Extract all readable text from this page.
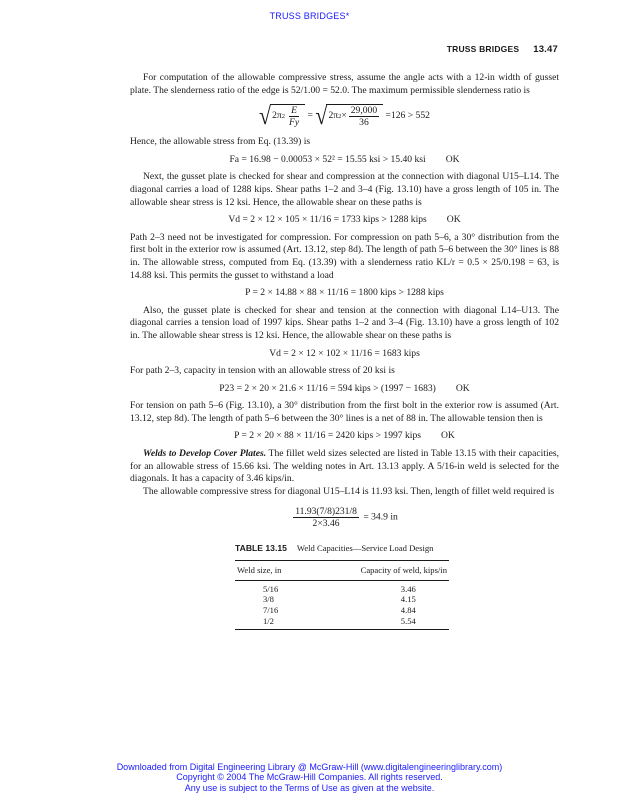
TRUSS BRIDGES*
TRUSS BRIDGES 13.47

For computation of the allowable compressive stress, assume the angle acts with a 12-in width of gusset plate. The slenderness ratio of the edge is 52/1.00 = 52.0. The maximum permissible slenderness ratio is

√ 2π $2 \frac{E}{Fy}$ = √ 2π $2 \times \frac{29,000}{36} =126 > 552$

Hence, the allowable stress from Eq. (13.39) is

Fa = 16.98 − 0.00053 × 52² = 15.55 ksi > 15.40 ksi OK

Next, the gusset plate is checked for shear and compression at the connection with diagonal U15–L14. The diagonal carries a load of 1288 kips. Shear paths 1–2 and 3–4 (Fig. 13.10) have a gross length of 105 in. The allowable shear stress is 12 ksi. Hence, the allowable shear on these paths is

Vd = 2 × 12 × 105 × 11/16 = 1733 kips > 1288 kips OK

Path 2–3 need not be investigated for compression. For compression on path 5–6, a 30° distribution from the first bolt in the exterior row is assumed (Art. 13.12, step 8d). The length of path 5–6 between the 30° lines is 88 in. The allowable stress, computed from Eq. (13.39) with a slenderness ratio KL/r = 0.5 × 25/0.198 = 63, is 14.88 ksi. This permits the gusset to withstand a load

P = 2 × 14.88 × 88 × 11/16 = 1800 kips > 1288 kips

Also, the gusset plate is checked for shear and tension at the connection with diagonal L14–U13. The diagonal carries a tension load of 1997 kips. Shear paths 1–2 and 3–4 (Fig. 13.10) have a gross length of 102 in. The allowable shear stress is 12 ksi. Hence, the allowable shear on these paths is

Vd = 2 × 12 × 102 × 11/16 = 1683 kips

For path 2–3, capacity in tension with an allowable stress of 20 ksi is

P23 = 2 × 20 × 21.6 × 11/16 = 594 kips > (1997 − 1683) OK

For tension on path 5–6 (Fig. 13.10), a 30° distribution from the first bolt in the exterior row is assumed (Art. 13.12, step 8d). The length of path 5–6 between the 30° lines is a net of 88 in. The allowable tension then is

P = 2 × 20 × 88 × 11/16 = 2420 kips > 1997 kips OK

Welds to Develop Cover Plates. The fillet weld sizes selected are listed in Table 13.15 with their capacities, for an allowable stress of 15.66 ksi. The welding notes in Art. 13.13 apply. A 5/16-in weld is selected for the diagonals. It has a capacity of 3.46 kips/in.

The allowable compressive stress for diagonal U15–L14 is 11.93 ksi. Then, length of fillet weld required is

$\frac{11.93(7/8)231/8}{2\times 3.46} = 34.9$ in
TABLE 13.15 Weld Capacities—Service Load Design
Weld size, in	Capacity of weld, kips/in
5/16	3.46
3/8	4.15
7/16	4.84
1/2	5.54
Downloaded from Digital Engineering Library @ McGraw-Hill (www.digitalengineeringlibrary.com)
Copyright © 2004 The McGraw-Hill Companies. All rights reserved.
Any use is subject to the Terms of Use as given at the website.
